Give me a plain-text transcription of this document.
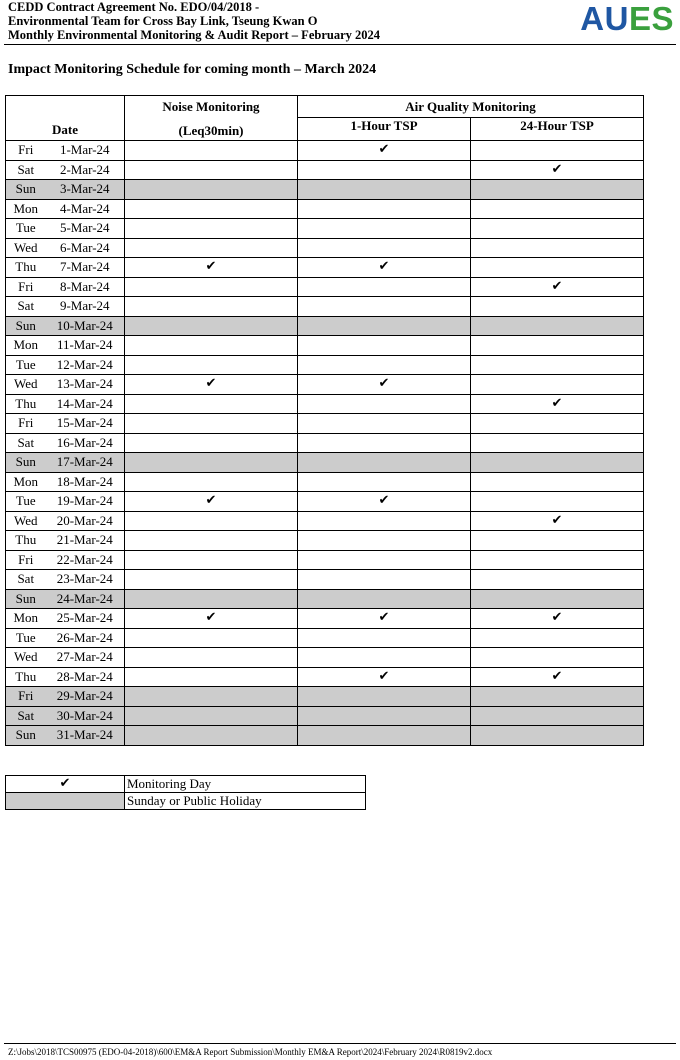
CEDD Contract Agreement No. EDO/04/2018 -
Environmental Team for Cross Bay Link, Tseung Kwan O
Monthly Environmental Monitoring & Audit Report – February 2024	AUES
Impact Monitoring Schedule for coming month – March 2024
Date		Noise Monitoring
(Leq30min)	Air Quality Monitoring	
			1-Hour TSP	24-Hour TSP
Fri	1-Mar-24		✔	
Sat	2-Mar-24			✔
Sun	3-Mar-24			
Mon	4-Mar-24			
Tue	5-Mar-24			
Wed	6-Mar-24			
Thu	7-Mar-24	✔	✔	
Fri	8-Mar-24			✔
Sat	9-Mar-24			
Sun	10-Mar-24			
Mon	11-Mar-24			
Tue	12-Mar-24			
Wed	13-Mar-24	✔	✔	
Thu	14-Mar-24			✔
Fri	15-Mar-24			
Sat	16-Mar-24			
Sun	17-Mar-24			
Mon	18-Mar-24			
Tue	19-Mar-24	✔	✔	
Wed	20-Mar-24			✔
Thu	21-Mar-24			
Fri	22-Mar-24			
Sat	23-Mar-24			
Sun	24-Mar-24			
Mon	25-Mar-24	✔	✔	✔
Tue	26-Mar-24			
Wed	27-Mar-24			
Thu	28-Mar-24		✔	✔
Fri	29-Mar-24			
Sat	30-Mar-24			
Sun	31-Mar-24			
✔	Monitoring Day
	Sunday or Public Holiday
Z:\Jobs\2018\TCS00975 (EDO-04-2018)\600\EM&A Report Submission\Monthly EM&A Report\2024\February 2024\R0819v2.docx
